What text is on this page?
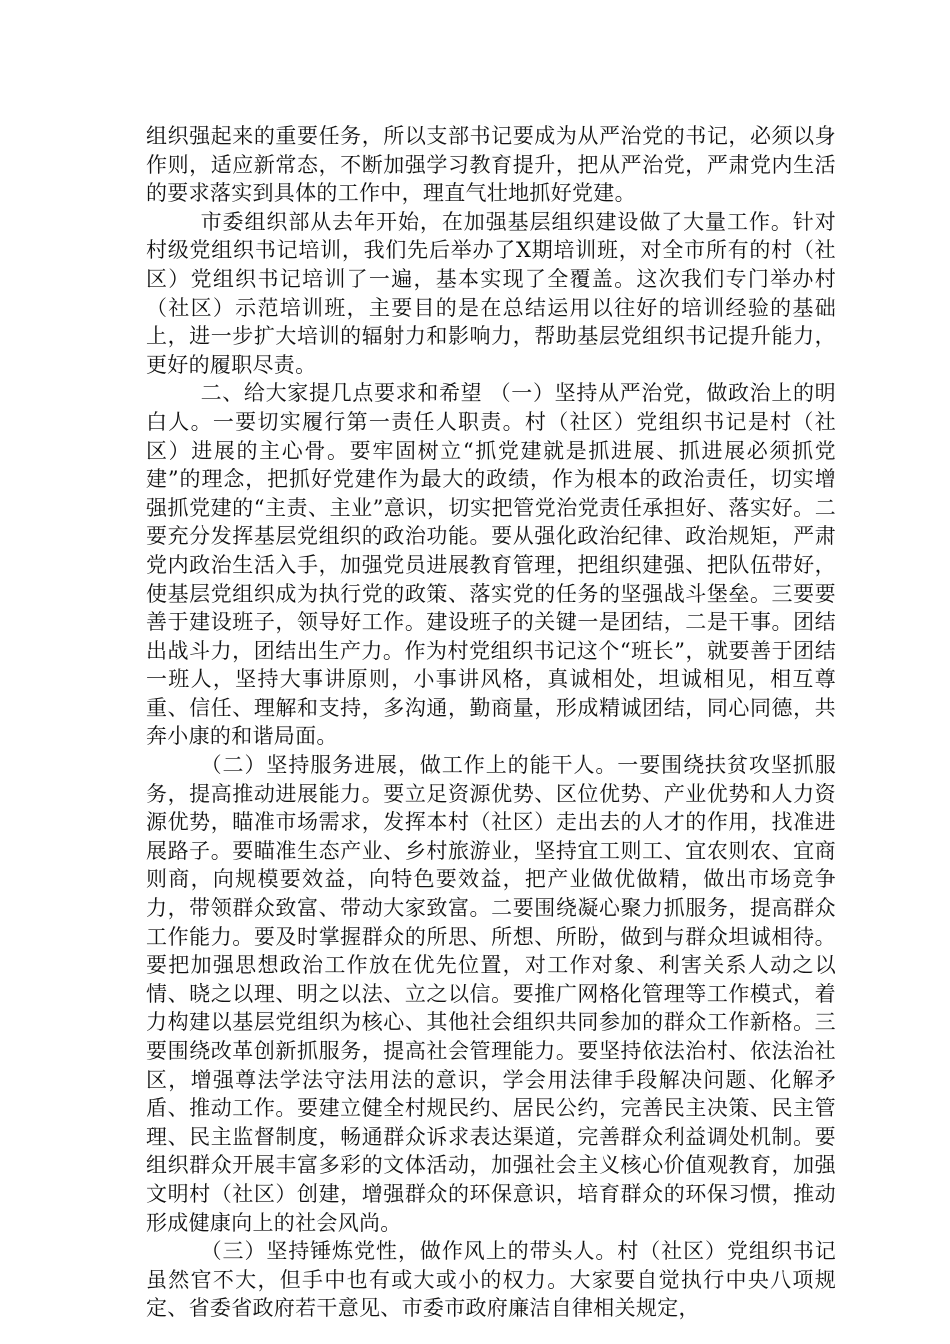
组织强起来的重要任务，所以支部书记要成为从严治党的书记，必须以身作则，适应新常态，不断加强学习教育提升，把从严治党，严肃党内生活的要求落实到具体的工作中，理直气壮地抓好党建。

市委组织部从去年开始，在加强基层组织建设做了大量工作。针对村级党组织书记培训，我们先后举办了X期培训班，对全市所有的村（社区）党组织书记培训了一遍，基本实现了全覆盖。这次我们专门举办村（社区）示范培训班，主要目的是在总结运用以往好的培训经验的基础上，进一步扩大培训的辐射力和影响力，帮助基层党组织书记提升能力，更好的履职尽责。

二、给大家提几点要求和希望 （一）坚持从严治党，做政治上的明白人。一要切实履行第一责任人职责。村（社区）党组织书记是村（社区）进展的主心骨。要牢固树立“抓党建就是抓进展、抓进展必须抓党建”的理念，把抓好党建作为最大的政绩，作为根本的政治责任，切实增强抓党建的“主责、主业”意识，切实把管党治党责任承担好、落实好。二要充分发挥基层党组织的政治功能。要从强化政治纪律、政治规矩，严肃党内政治生活入手，加强党员进展教育管理，把组织建强、把队伍带好，使基层党组织成为执行党的政策、落实党的任务的坚强战斗堡垒。三要要善于建设班子，领导好工作。建设班子的关键一是团结，二是干事。团结出战斗力，团结出生产力。作为村党组织书记这个“班长”，就要善于团结一班人，坚持大事讲原则，小事讲风格，真诚相处，坦诚相见，相互尊重、信任、理解和支持，多沟通，勤商量，形成精诚团结，同心同德，共奔小康的和谐局面。

（二）坚持服务进展，做工作上的能干人。一要围绕扶贫攻坚抓服务，提高推动进展能力。要立足资源优势、区位优势、产业优势和人力资源优势，瞄准市场需求，发挥本村（社区）走出去的人才的作用，找准进展路子。要瞄准生态产业、乡村旅游业，坚持宜工则工、宜农则农、宜商则商，向规模要效益，向特色要效益，把产业做优做精，做出市场竞争力，带领群众致富、带动大家致富。二要围绕凝心聚力抓服务，提高群众工作能力。要及时掌握群众的所思、所想、所盼，做到与群众坦诚相待。要把加强思想政治工作放在优先位置，对工作对象、利害关系人动之以情、晓之以理、明之以法、立之以信。要推广网格化管理等工作模式，着力构建以基层党组织为核心、其他社会组织共同参加的群众工作新格。三要围绕改革创新抓服务，提高社会管理能力。要坚持依法治村、依法治社区，增强尊法学法守法用法的意识，学会用法律手段解决问题、化解矛盾、推动工作。要建立健全村规民约、居民公约，完善民主决策、民主管理、民主监督制度，畅通群众诉求表达渠道，完善群众利益调处机制。要组织群众开展丰富多彩的文体活动，加强社会主义核心价值观教育，加强文明村（社区）创建，增强群众的环保意识，培育群众的环保习惯，推动形成健康向上的社会风尚。

（三）坚持锤炼党性，做作风上的带头人。村（社区）党组织书记虽然官不大，但手中也有或大或小的权力。大家要自觉执行中央八项规定、省委省政府若干意见、市委市政府廉洁自律相关规定，
